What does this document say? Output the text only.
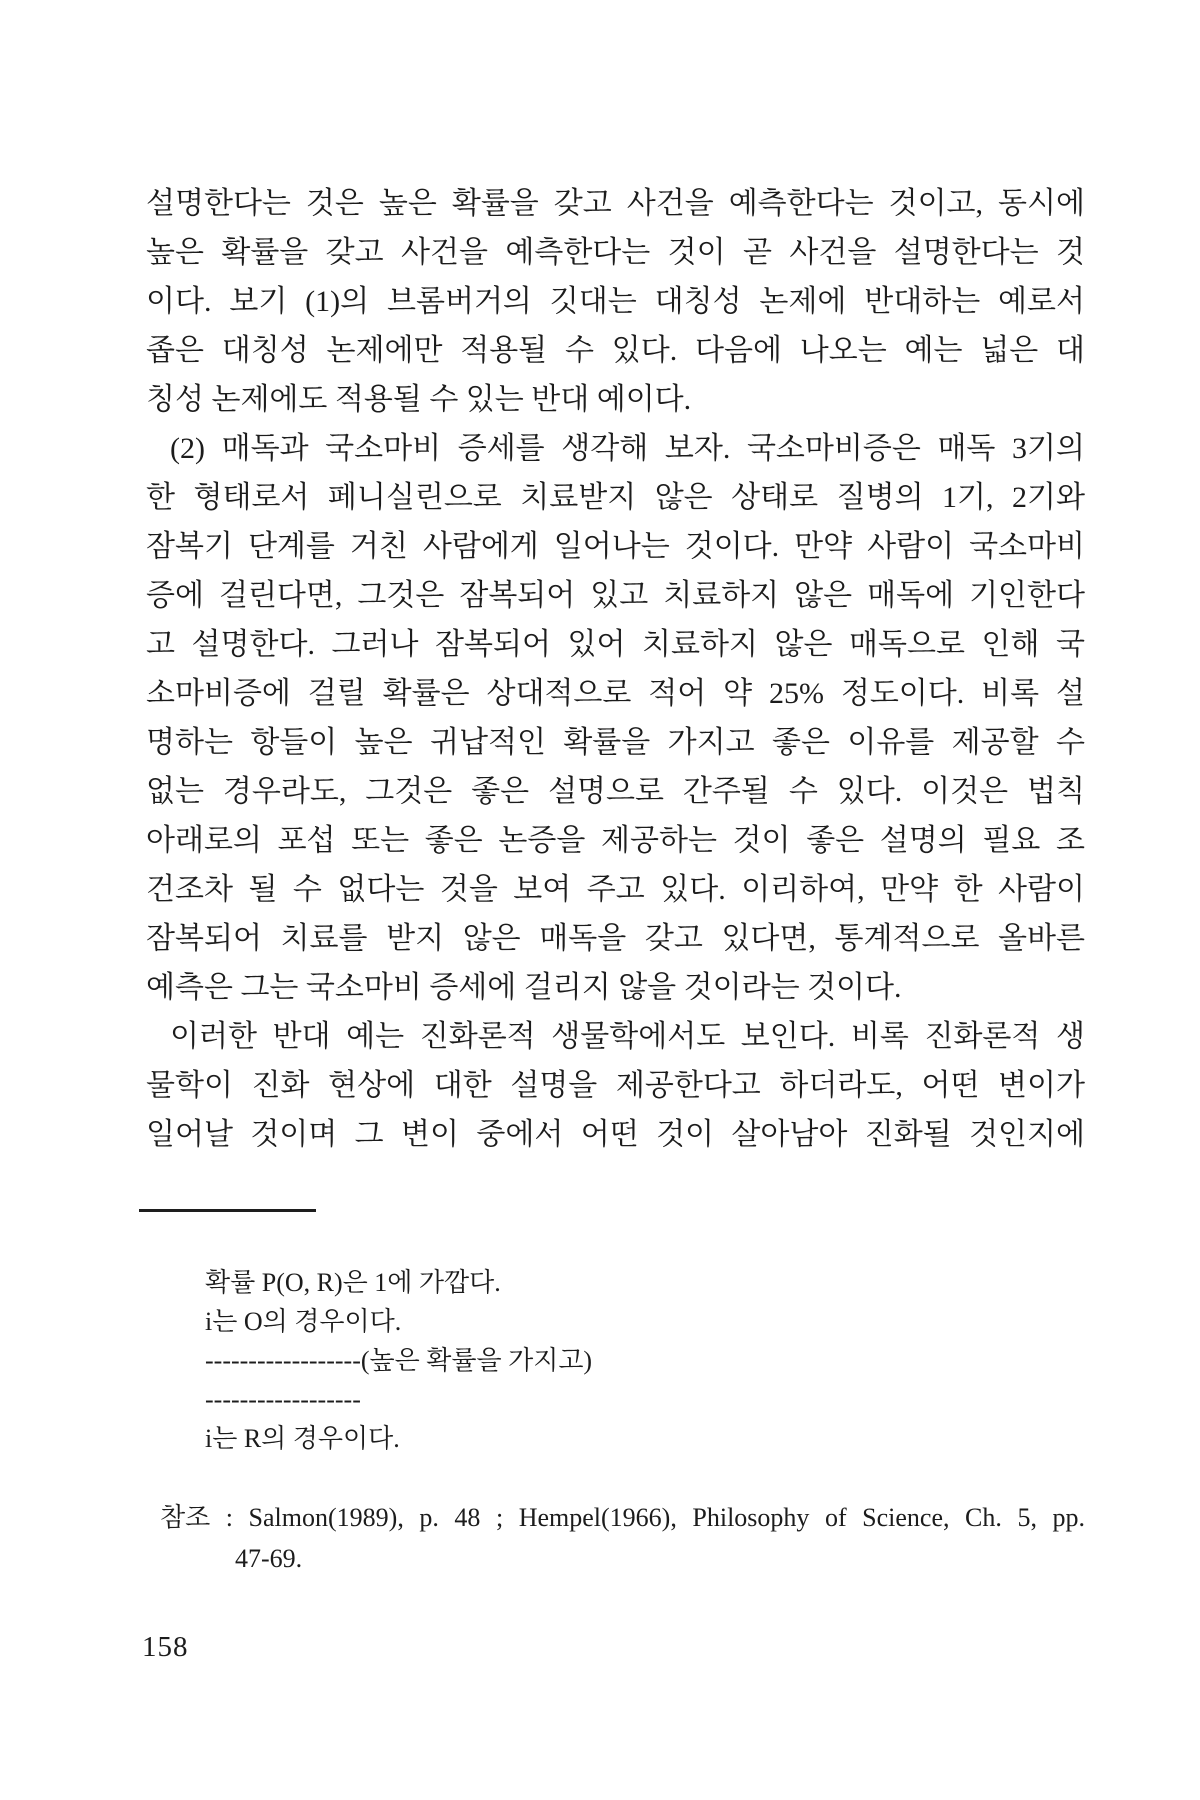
설명한다는 것은 높은 확률을 갖고 사건을 예측한다는 것이고, 동시에
높은 확률을 갖고 사건을 예측한다는 것이 곧 사건을 설명한다는 것
이다. 보기 (1)의 브롬버거의 깃대는 대칭성 논제에 반대하는 예로서
좁은 대칭성 논제에만 적용될 수 있다. 다음에 나오는 예는 넓은 대
칭성 논제에도 적용될 수 있는 반대 예이다.
(2) 매독과 국소마비 증세를 생각해 보자. 국소마비증은 매독 3기의
한 형태로서 페니실린으로 치료받지 않은 상태로 질병의 1기, 2기와
잠복기 단계를 거친 사람에게 일어나는 것이다. 만약 사람이 국소마비
증에 걸린다면, 그것은 잠복되어 있고 치료하지 않은 매독에 기인한다
고 설명한다. 그러나 잠복되어 있어 치료하지 않은 매독으로 인해 국
소마비증에 걸릴 확률은 상대적으로 적어 약 25% 정도이다. 비록 설
명하는 항들이 높은 귀납적인 확률을 가지고 좋은 이유를 제공할 수
없는 경우라도, 그것은 좋은 설명으로 간주될 수 있다. 이것은 법칙
아래로의 포섭 또는 좋은 논증을 제공하는 것이 좋은 설명의 필요 조
건조차 될 수 없다는 것을 보여 주고 있다. 이리하여, 만약 한 사람이
잠복되어 치료를 받지 않은 매독을 갖고 있다면, 통계적으로 올바른
예측은 그는 국소마비 증세에 걸리지 않을 것이라는 것이다.
이러한 반대 예는 진화론적 생물학에서도 보인다. 비록 진화론적 생
물학이 진화 현상에 대한 설명을 제공한다고 하더라도, 어떤 변이가
일어날 것이며 그 변이 중에서 어떤 것이 살아남아 진화될 것인지에
확률 P(O, R)은 1에 가깝다.
i는 O의 경우이다.
------------------(높은 확률을 가지고)
------------------
i는 R의 경우이다.
참조 : Salmon(1989), p. 48 ; Hempel(1966), Philosophy of Science, Ch. 5, pp.
47-69.
158
